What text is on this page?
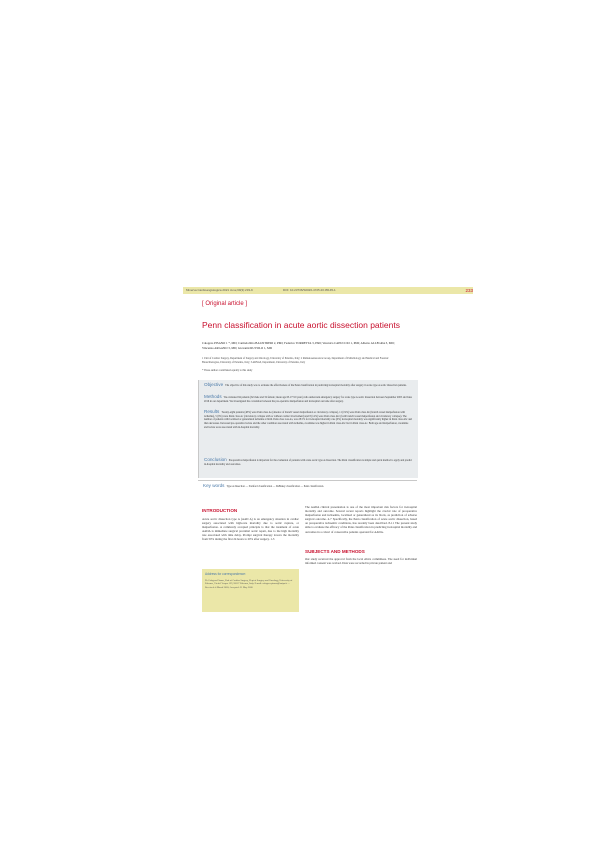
Minerva Cardioangiologica 2021 June;69(3):233-9	DOI: 10.23736/S0026-4725.20.05145-1	233
[ Original article ]
Penn classification in acute aortic dissection patients
Calogero PISANO 1 *, MD; Carmela Rita BALISTRERI 2, PhD; Federico TORRETTA 3, PhD; Veronica CAPUCCIO 1, PhD; Alberto ALLEGRA 3, MD; Vincenzo ARGANO 3, MD; Giovanni RUVOLO 1, MD
1 Unit of Cardiac Surgery, Department of Surgery and Oncology, University of Palermo, Italy; 2 Immunosenescence Group, Department of Pathobiology and Medical and Forensic Biotechnologies, University of Palermo, Italy; 3 ARNAS, Department, University of Palermo, Italy
* These authors contributed equally to this study
Objective The objective of this study was to evaluate the effectiveness of the Penn classification in predicting in-hospital mortality after surgery in acute type A aortic dissection patients.
Methods We evaluated 94 patients (62 male and 32 female; mean age 63.17±10 years) who underwent emergency surgery for acute type A aortic dissection between September 2005 and June 2016 in our department. We investigated the correlation between the pre-operative malperfusion and in-hospital outcome after surgery.
Results Twenty-eight patients (48%) were Penn class Aa (absence of branch vessel malperfusion or circulatory collapse), 11 (19%) were Penn class Ab (branch vessel malperfusion with ischemia), 5 (9%) were Penn class Ac (circulatory collapse with or without cardiac involvement) and 8 (14%) were Penn class Abc (both branch vessel malperfusion and circulatory collapse). The number of patients with localized or generalized ischemia at birth. Penn class was Aa, was 28.5% for in-hospital mortality rate (0%) in-hospital mortality was significantly higher in Penn class Abc and then decreases. Increased pre-operative lactate and the other condition associated with ischemia, creatinine was higher in Penn class Abc but in Penn class Ac. Both age and malperfusion, creatinine and lactate were associated with in-hospital mortality.
Conclusion Preoperative malperfusion is important for the evaluation of patients with acute aortic type A dissection. The Penn classification is simple and quick method to apply and predict in-hospital mortality and outcomes.
Key words Type A dissection — Stanford classification — DeBakey classification — Penn classification.
INTRODUCTION
Acute aortic dissection type A (AAD A) is an emergency situation in cardiac surgery associated with high-rate mortality due to aortic rupture, or malperfusion. A commonly accepted principle is that the treatment of acute AADA is immediate surgical proximal aortic repair, due to the high mortality rate associated with time delay. Prompt surgical therapy lowers the mortality from 50% during the first 24 hours to 20% after surgery. 1-3
Address for correspondence:
Dr Calogero Pisano, Unit of Cardiac Surgery, Dept of Surgery and Oncology, University of Palermo, Via del Vespro 129, 90127 Palermo, Italy. E-mail: calogero.pisano@unipa.it — Received: 4 March 2020; Accepted: 21 May 2020
The AADA clinical presentation is one of the most important risk factors for in-hospital mortality and outcome. Several recent reports highlight the crucial role of preoperative malperfusion and ischaemia, localized or generalized as its block, as prediction of adverse surgical outcome. 4-7 Specifically, the Penn classification of acute aortic dissection, based on preoperative ischaemic conditions, has recently been described. 8-11 The present study aims to evaluate the efficacy of the Penn classification in predicting in-hospital mortality and outcomes in a cohort of consecutive patients operated for AADA.
SUBJECTS AND METHODS
Our study received the approval from the local ethics committees. The need for individual informed consent was waived. Data were recorded in private patient and
